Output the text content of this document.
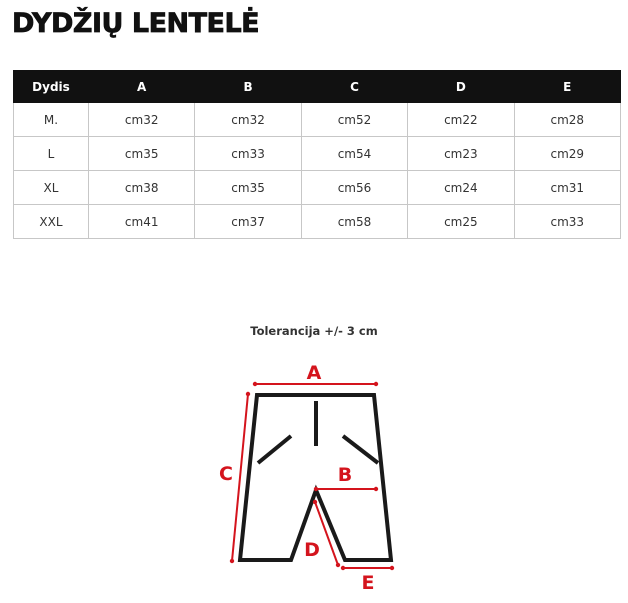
DYDŽIŲ LENTELĖ
Dydis	A	B	C	D	E
M.	cm32	cm32	cm52	cm22	cm28
L	cm35	cm33	cm54	cm23	cm29
XL	cm38	cm35	cm56	cm24	cm31
XXL	cm41	cm37	cm58	cm25	cm33
Tolerancija +/- 3 cm
A
B
C
D
E
